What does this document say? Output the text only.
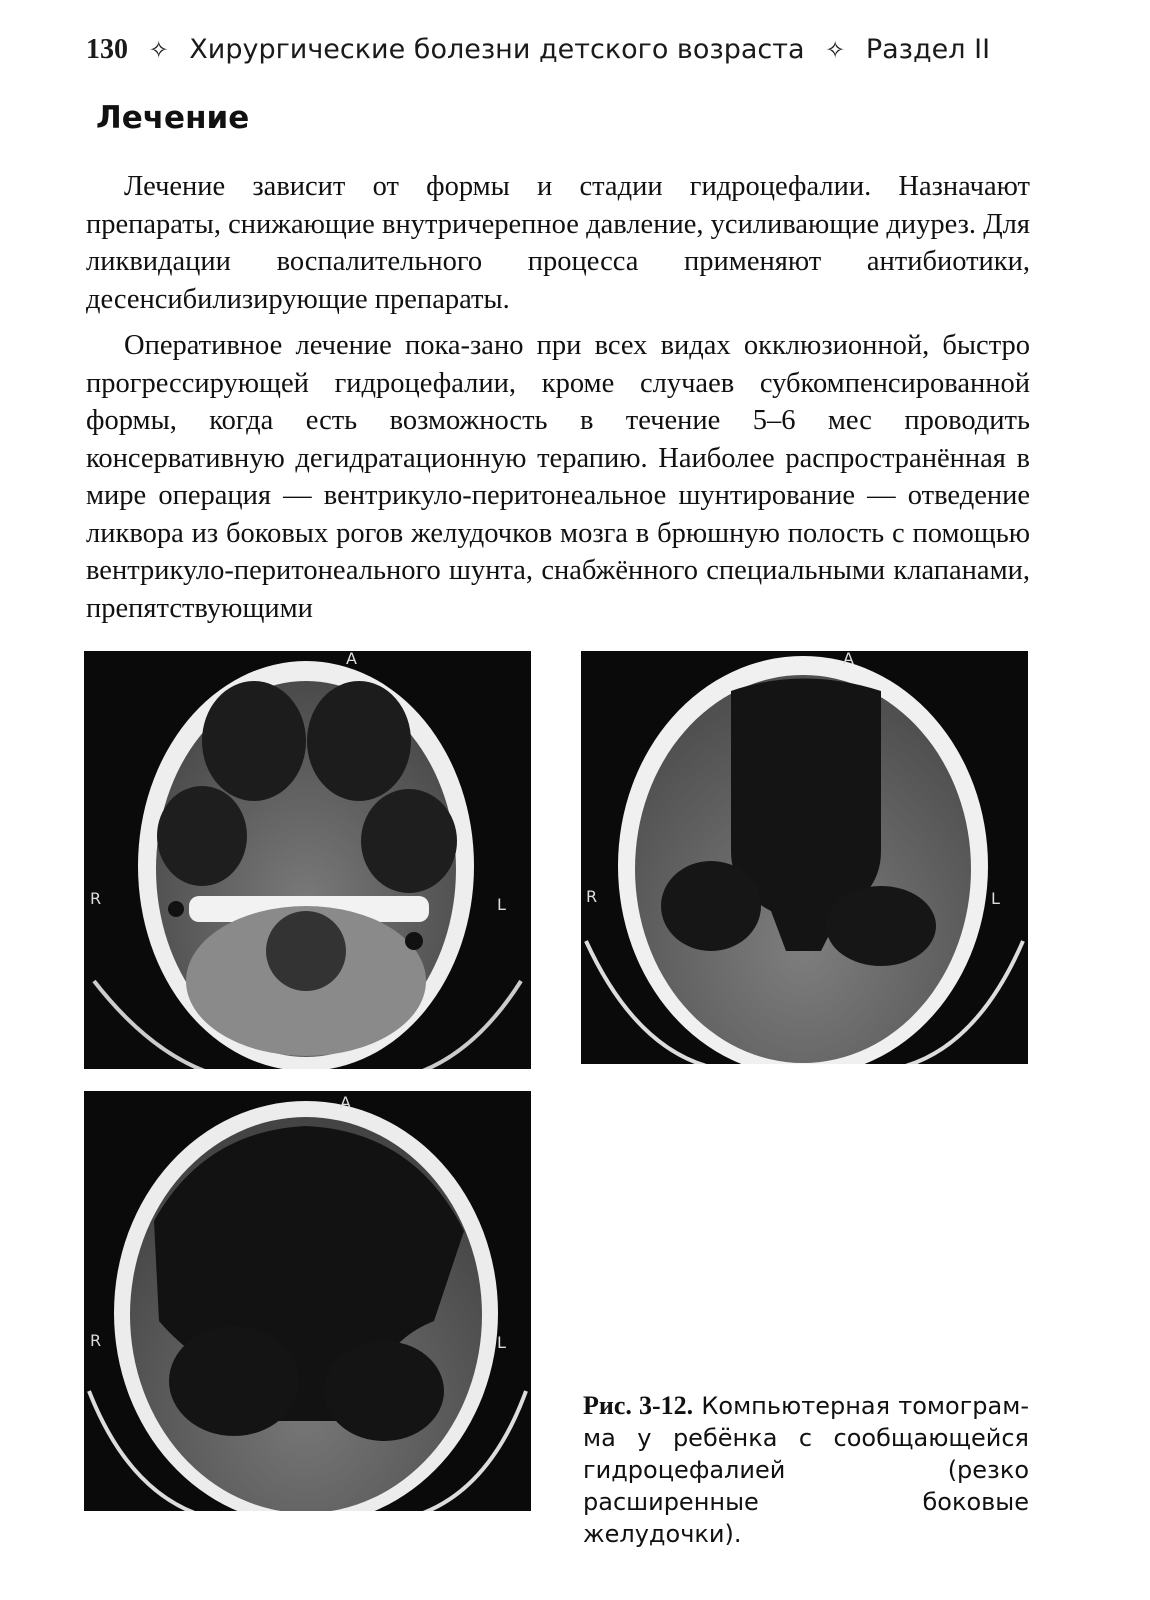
130 ✧ Хирургические болезни детского возраста ✧ Раздел II
Лечение

Лечение зависит от формы и стадии гидроцефалии. Назначают препараты, снижающие внутричерепное давление, усиливающие диурез. Для ликвидации воспалительного процесса применяют антибиотики, десенсибилизирующие препараты.

Оперативное лечение пока-зано при всех видах окклюзионной, быстро прогрессирующей гидроцефалии, кроме случаев субкомпенсированной формы, когда есть возможность в течение 5–6 мес проводить консервативную дегидратационную терапию. Наиболее распространённая в мире операция — вентрикуло-перитонеальное шунтирование — отведение ликвора из боковых рогов желудочков мозга в брюшную полость с помощью вентрикуло-перитонеального шунта, снабжённого специальными клапанами, препятствующими

A
R	L
A
R	L
A
R	L
Рис. 3-12. Компьютерная томограмма у ребёнка с сообщающейся гидроцефалией (резко расширенные боковые желудочки).
